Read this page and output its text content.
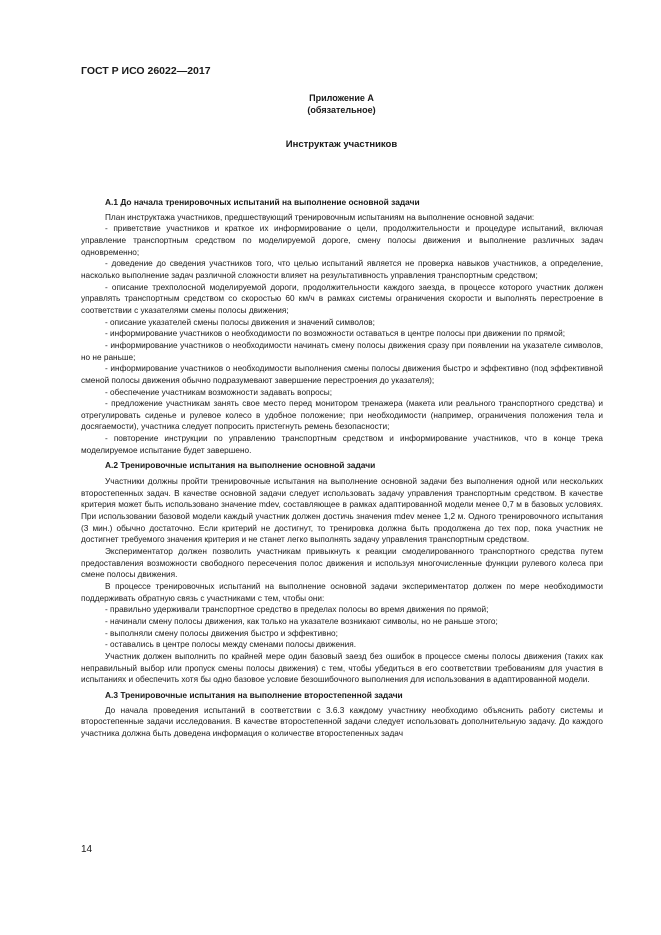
ГОСТ Р ИСО 26022—2017
Приложение А
(обязательное)
Инструктаж участников
А.1 До начала тренировочных испытаний на выполнение основной задачи

План инструктажа участников, предшествующий тренировочным испытаниям на выполнение основной задачи:

- приветствие участников и краткое их информирование о цели, продолжительности и процедуре испытаний, включая управление транспортным средством по моделируемой дороге, смену полосы движения и выполнение различных задач одновременно;

- доведение до сведения участников того, что целью испытаний является не проверка навыков участников, а определение, насколько выполнение задач различной сложности влияет на результативность управления транспортным средством;

- описание трехполосной моделируемой дороги, продолжительности каждого заезда, в процессе которого участник должен управлять транспортным средством со скоростью 60 км/ч в рамках системы ограничения скорости и выполнять перестроение в соответствии с указателями смены полосы движения;

- описание указателей смены полосы движения и значений символов;

- информирование участников о необходимости по возможности оставаться в центре полосы при движении по прямой;

- информирование участников о необходимости начинать смену полосы движения сразу при появлении на указателе символов, но не раньше;

- информирование участников о необходимости выполнения смены полосы движения быстро и эффективно (под эффективной сменой полосы движения обычно подразумевают завершение перестроения до указателя);

- обеспечение участникам возможности задавать вопросы;

- предложение участникам занять свое место перед монитором тренажера (макета или реального транспортного средства) и отрегулировать сиденье и рулевое колесо в удобное положение; при необходимости (например, ограничения положения тела и досягаемости), участника следует попросить пристегнуть ремень безопасности;

- повторение инструкции по управлению транспортным средством и информирование участников, что в конце трека моделируемое испытание будет завершено.

А.2 Тренировочные испытания на выполнение основной задачи

Участники должны пройти тренировочные испытания на выполнение основной задачи без выполнения одной или нескольких второстепенных задач. В качестве основной задачи следует использовать задачу управления транспортным средством. В качестве критерия может быть использовано значение mdev, составляющее в рамках адаптированной модели менее 0,7 м в базовых условиях. При использовании базовой модели каждый участник должен достичь значения mdev менее 1,2 м. Одного тренировочного испытания (3 мин.) обычно достаточно. Если критерий не достигнут, то тренировка должна быть продолжена до тех пор, пока участник не достигнет требуемого значения критерия и не станет легко выполнять задачу управления транспортным средством.

Экспериментатор должен позволить участникам привыкнуть к реакции смоделированного транспортного средства путем предоставления возможности свободного пересечения полос движения и используя многочисленные функции рулевого колеса при смене полосы движения.

В процессе тренировочных испытаний на выполнение основной задачи экспериментатор должен по мере необходимости поддерживать обратную связь с участниками с тем, чтобы они:

- правильно удерживали транспортное средство в пределах полосы во время движения по прямой;

- начинали смену полосы движения, как только на указателе возникают символы, но не раньше этого;

- выполняли смену полосы движения быстро и эффективно;

- оставались в центре полосы между сменами полосы движения.

Участник должен выполнить по крайней мере один базовый заезд без ошибок в процессе смены полосы движения (таких как неправильный выбор или пропуск смены полосы движения) с тем, чтобы убедиться в его соответствии требованиям для участия в испытаниях и обеспечить хотя бы одно базовое условие безошибочного выполнения для использования в адаптированной модели.

А.3 Тренировочные испытания на выполнение второстепенной задачи

До начала проведения испытаний в соответствии с 3.6.3 каждому участнику необходимо объяснить работу системы и второстепенные задачи исследования. В качестве второстепенной задачи следует использовать дополнительную задачу. До каждого участника должна быть доведена информация о количестве второстепенных задач

14
